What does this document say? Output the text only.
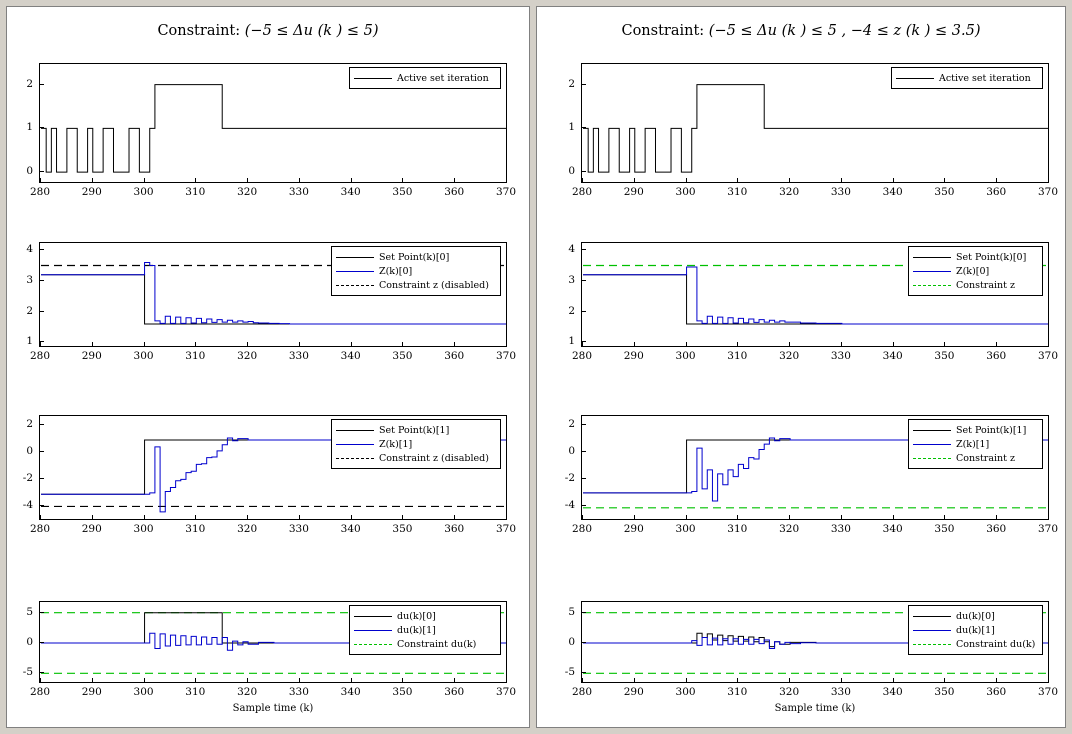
Constraint: (−5 ≤ Δu (k ) ≤ 5)
280	290	300	310	320	330	340	350	360	370
0
1
2	Active set iteration
280	290	300	310	320	330	340	350	360	370
1
2
3
4
Set Point(k)[0]
Z(k)[0]
Constraint z (disabled)
280	290	300	310	320	330	340	350	360	370
-4
-2
0
2	Set Point(k)[1]
Z(k)[1]
Constraint z (disabled)
280	290	300	310	320	330	340	350	360	370
-5
0
5	du(k)[0]
du(k)[1]
Constraint du(k)
Sample time (k)
Constraint: (−5 ≤ Δu (k ) ≤ 5 , −4 ≤ z (k ) ≤ 3.5)
280	290	300	310	320	330	340	350	360	370
0
1
2	Active set iteration
280	290	300	310	320	330	340	350	360	370
1
2
3
4
Set Point(k)[0]
Z(k)[0]
Constraint z
280	290	300	310	320	330	340	350	360	370
-4
-2
0
2	Set Point(k)[1]
Z(k)[1]
Constraint z
280	290	300	310	320	330	340	350	360	370
-5
0
5	du(k)[0]
du(k)[1]
Constraint du(k)
Sample time (k)
